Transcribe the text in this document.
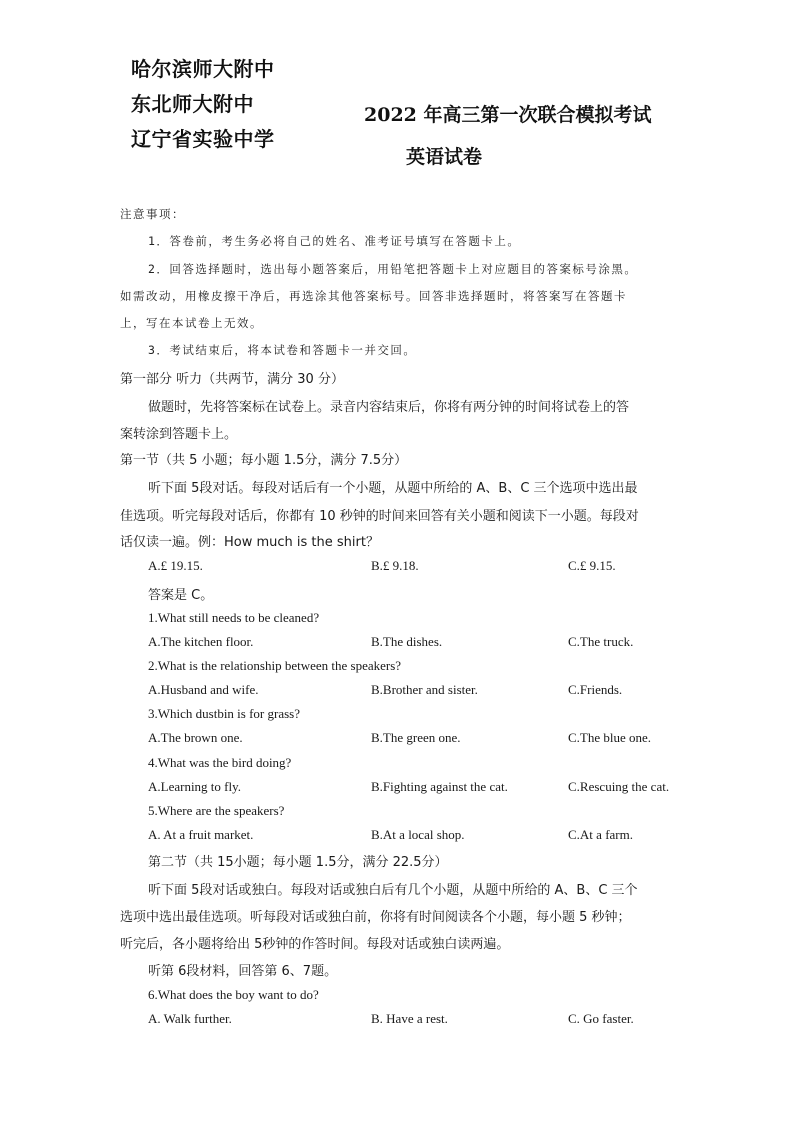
哈尔滨师大附中
东北师大附中
辽宁省实验中学
2022 年高三第一次联合模拟考试
英语试卷
注意事项：
1．答卷前，考生务必将自己的姓名、准考证号填写在答题卡上。
2．回答选择题时，选出每小题答案后，用铅笔把答题卡上对应题目的答案标号涂黑。
如需改动，用橡皮擦干净后，再选涂其他答案标号。回答非选择题时，将答案写在答题卡
上，写在本试卷上无效。
3．考试结束后，将本试卷和答题卡一并交回。
第一部分 听力（共两节，满分 30 分）
做题时，先将答案标在试卷上。录音内容结束后，你将有两分钟的时间将试卷上的答
案转涂到答题卡上。
第一节（共 5 小题；每小题 1.5分，满分 7.5分）
听下面 5段对话。每段对话后有一个小题，从题中所给的 A、B、C 三个选项中选出最
佳选项。听完每段对话后，你都有 10 秒钟的时间来回答有关小题和阅读下一小题。每段对
话仅读一遍。例：How much is the shirt？
A.£ 19.15.	B.£ 9.18.	C.£ 9.15.
答案是 C。
1.What still needs to be cleaned?
A.The kitchen floor.	B.The dishes.	C.The truck.
2.What is the relationship between the speakers?
A.Husband and wife.	B.Brother and sister.	C.Friends.
3.Which dustbin is for grass?
A.The brown one.	B.The green one.	C.The blue one.
4.What was the bird doing?
A.Learning to fly.	B.Fighting against the cat.	C.Rescuing the cat.
5.Where are the speakers?
A. At a fruit market.	B.At a local shop.	C.At a farm.
第二节（共 15小题；每小题 1.5分，满分 22.5分）
听下面 5段对话或独白。每段对话或独白后有几个小题，从题中所给的 A、B、C 三个
选项中选出最佳选项。听每段对话或独白前，你将有时间阅读各个小题，每小题 5 秒钟；
听完后，各小题将给出 5秒钟的作答时间。每段对话或独白读两遍。
听第 6段材料，回答第 6、7题。
6.What does the boy want to do?
A. Walk further.	B. Have a rest.	C. Go faster.
